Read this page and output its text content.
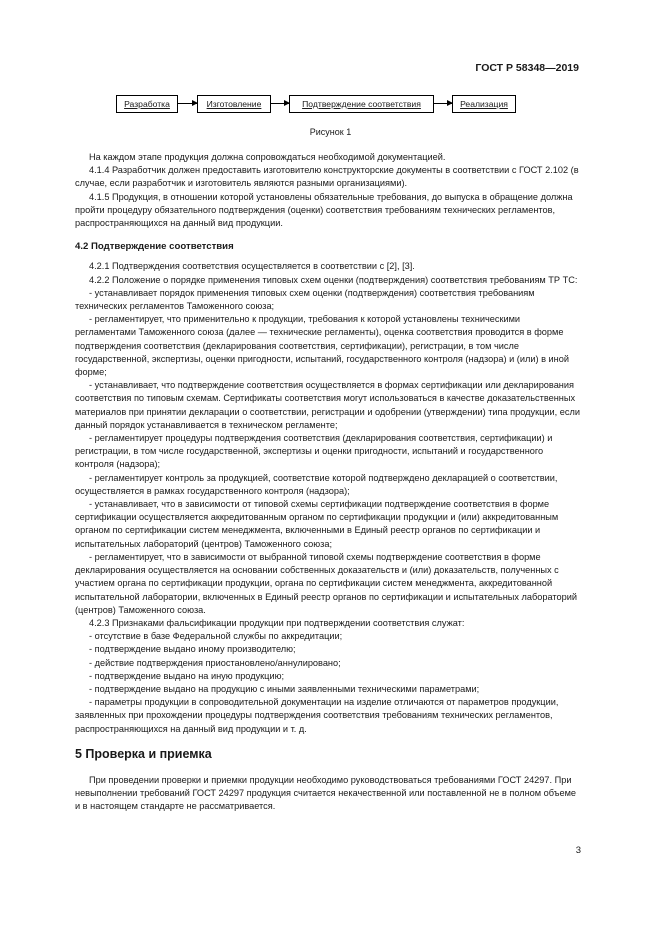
ГОСТ Р 58348—2019
Разработка	Изготовление	Подтверждение соответствия	Реализация
Рисунок 1

На каждом этапе продукция должна сопровождаться необходимой документацией.

4.1.4 Разработчик должен предоставить изготовителю конструкторские документы в соответствии с ГОСТ 2.102 (в случае, если разработчик и изготовитель являются разными организациями).

4.1.5 Продукция, в отношении которой установлены обязательные требования, до выпуска в обращение должна пройти процедуру обязательного подтверждения (оценки) соответствия требованиям технических регламентов, распространяющихся на данный вид продукции.

4.2 Подтверждение соответствия

4.2.1 Подтверждения соответствия осуществляется в соответствии с [2], [3].

4.2.2 Положение о порядке применения типовых схем оценки (подтверждения) соответствия требованиям ТР ТС:

- устанавливает порядок применения типовых схем оценки (подтверждения) соответствия требованиям технических регламентов Таможенного союза;

- регламентирует, что применительно к продукции, требования к которой установлены техническими регламентами Таможенного союза (далее — технические регламенты), оценка соответствия проводится в форме подтверждения соответствия (декларирования соответствия, сертификации), регистрации, в том числе государственной, экспертизы, оценки пригодности, испытаний, государственного контроля (надзора) и (или) в иной форме;

- устанавливает, что подтверждение соответствия осуществляется в формах сертификации или декларирования соответствия по типовым схемам. Сертификаты соответствия могут использоваться в качестве доказательственных материалов при принятии декларации о соответствии, регистрации и одобрении (утверждении) типа продукции, если данный порядок устанавливается в техническом регламенте;

- регламентирует процедуры подтверждения соответствия (декларирования соответствия, сертификации) и регистрации, в том числе государственной, экспертизы и оценки пригодности, испытаний и государственного контроля (надзора);

- регламентирует контроль за продукцией, соответствие которой подтверждено декларацией о соответствии, осуществляется в рамках государственного контроля (надзора);

- устанавливает, что в зависимости от типовой схемы сертификации подтверждение соответствия в форме сертификации осуществляется аккредитованным органом по сертификации продукции и (или) аккредитованным органом по сертификации систем менеджмента, включенными в Единый реестр органов по сертификации и испытательных лабораторий (центров) Таможенного союза;

- регламентирует, что в зависимости от выбранной типовой схемы подтверждение соответствия в форме декларирования осуществляется на основании собственных доказательств и (или) доказательств, полученных с участием органа по сертификации продукции, органа по сертификации систем менеджмента, аккредитованной испытательной лаборатории, включенных в Единый реестр органов по сертификации и испытательных лабораторий (центров) Таможенного союза.

4.2.3 Признаками фальсификации продукции при подтверждении соответствия служат:

- отсутствие в базе Федеральной службы по аккредитации;

- подтверждение выдано иному производителю;

- действие подтверждения приостановлено/аннулировано;

- подтверждение выдано на иную продукцию;

- подтверждение выдано на продукцию с иными заявленными техническими параметрами;

- параметры продукции в сопроводительной документации на изделие отличаются от параметров продукции, заявленных при прохождении процедуры подтверждения соответствия требованиям технических регламентов, распространяющихся на данный вид продукции и т. д.

5 Проверка и приемка

При проведении проверки и приемки продукции необходимо руководствоваться требованиями ГОСТ 24297. При невыполнении требований ГОСТ 24297 продукция считается некачественной или поставленной не в полном объеме и в настоящем стандарте не рассматривается.

3
